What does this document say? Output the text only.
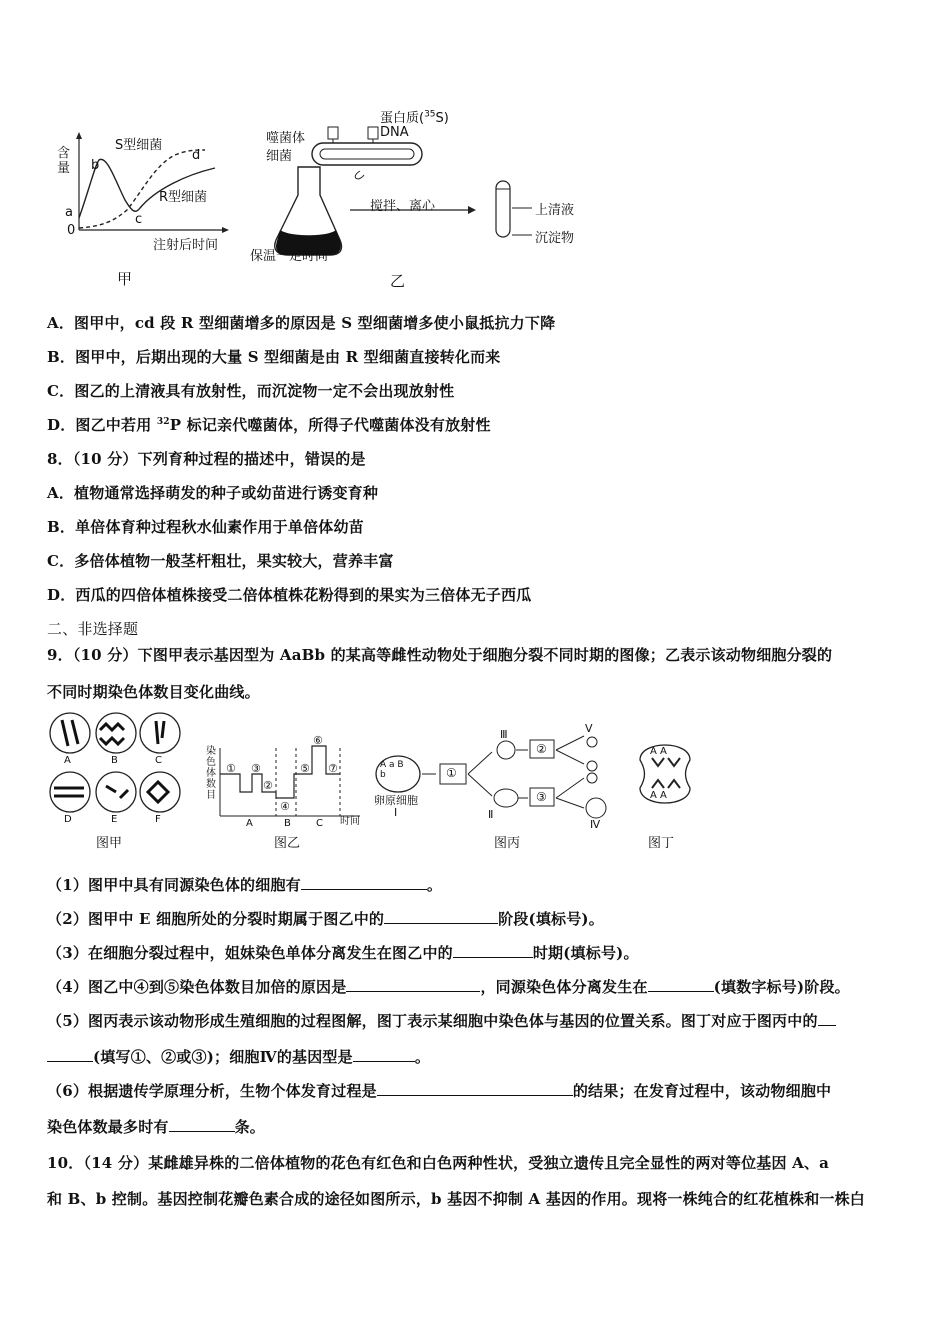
含量
0
a
b
c
d
S型细菌
R型细菌
注射后时间
甲
蛋白质($^{35}$S)
DNA
噬菌体
细菌
保温一定时间
搅拌、离心	上清液
沉淀物
乙
A．图甲中，cd 段 R 型细菌增多的原因是 S 型细菌增多使小鼠抵抗力下降
B．图甲中，后期出现的大量 S 型细菌是由 R 型细菌直接转化而来
C．图乙的上清液具有放射性，而沉淀物一定不会出现放射性
D．图乙中若用 $^{32}$P 标记亲代噬菌体，所得子代噬菌体没有放射性
8．（10 分）下列育种过程的描述中，错误的是
A．植物通常选择萌发的种子或幼苗进行诱变育种
B．单倍体育种过程秋水仙素作用于单倍体幼苗
C．多倍体植物一般茎杆粗壮，果实较大，营养丰富
D．西瓜的四倍体植株接受二倍体植株花粉得到的果实为三倍体无子西瓜
二、非选择题
9．（10 分）下图甲表示基因型为 AaBb 的某高等雌性动物处于细胞分裂不同时期的图像；乙表示该动物细胞分裂的
不同时期染色体数目变化曲线。
A	B	C
D	E	F
染色体数目
时间
①
②
③
④
⑤
⑥
⑦
A	B	C
A a B b
卵原细胞
Ⅰ
①
②
③
Ⅲ
Ⅱ
Ⅴ
Ⅳ
A A
A A
图甲	图乙	图丙	图丁
（1）图甲中具有同源染色体的细胞有	。
（2）图甲中 E 细胞所处的分裂时期属于图乙中的	阶段(填标号)。
（3）在细胞分裂过程中，姐妹染色单体分离发生在图乙中的	时期(填标号)。
（4）图乙中④到⑤染色体数目加倍的原因是	，同源染色体分离发生在	(填数字标号)阶段。
（5）图丙表示该动物形成生殖细胞的过程图解，图丁表示某细胞中染色体与基因的位置关系。图丁对应于图丙中的
(填写①、②或③)；细胞Ⅳ的基因型是	。
（6）根据遗传学原理分析，生物个体发育过程是	的结果；在发育过程中，该动物细胞中
染色体数最多时有	条。
10．（14 分）某雌雄异株的二倍体植物的花色有红色和白色两种性状，受独立遗传且完全显性的两对等位基因 A、a
和 B、b 控制。基因控制花瓣色素合成的途径如图所示，b 基因不抑制 A 基因的作用。现将一株纯合的红花植株和一株白
